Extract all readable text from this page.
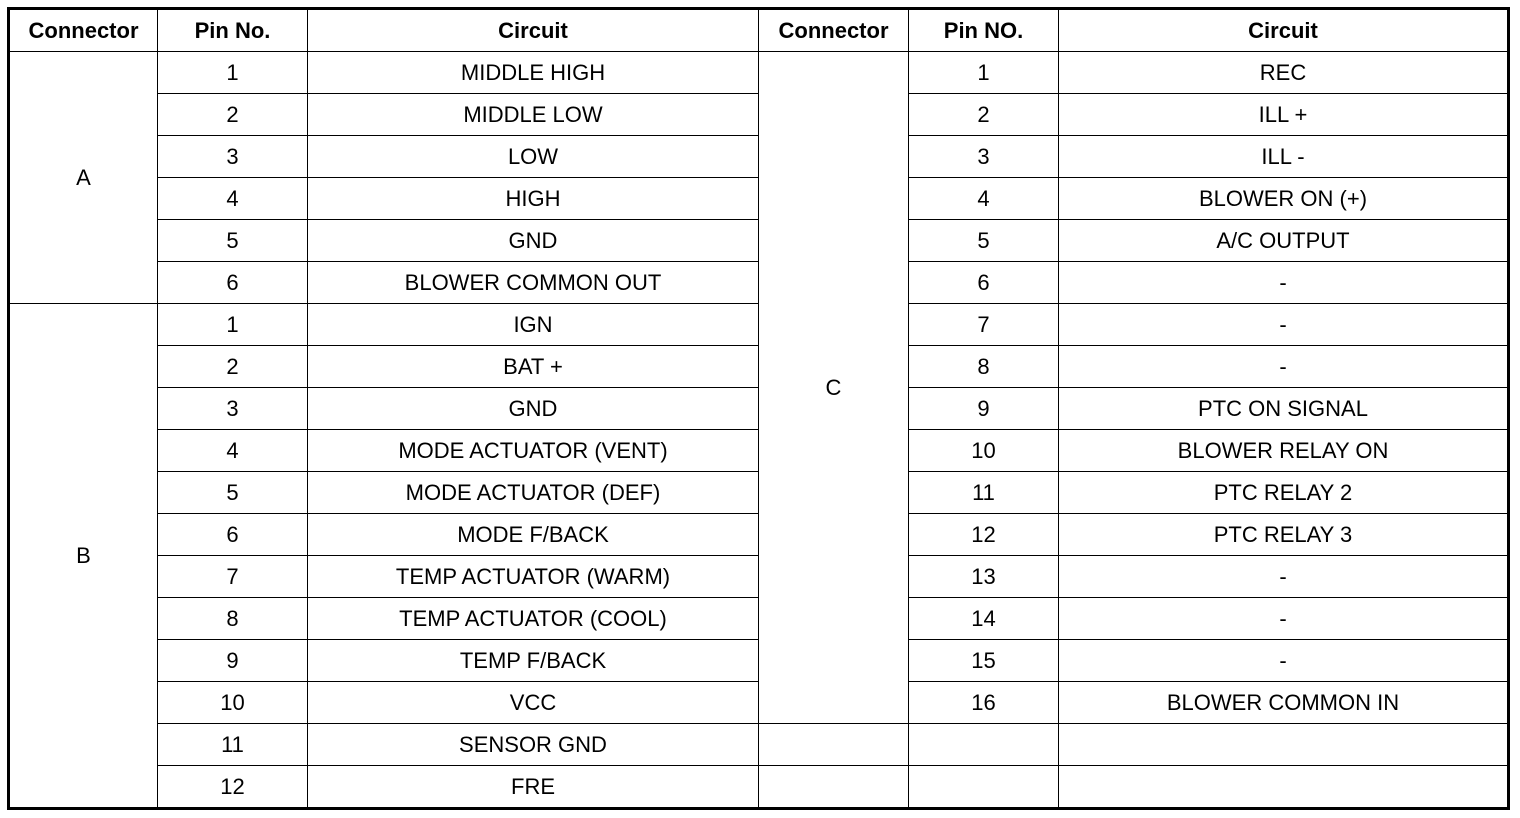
Connector	Pin No.	Circuit	Connector	Pin NO.	Circuit
A	1	MIDDLE HIGH	C	1	REC
	2	MIDDLE LOW		2	ILL +
	3	LOW		3	ILL -
	4	HIGH		4	BLOWER ON (+)
	5	GND		5	A/C OUTPUT
	6	BLOWER COMMON OUT		6	-
B	1	IGN		7	-
	2	BAT +		8	-
	3	GND		9	PTC ON SIGNAL
	4	MODE ACTUATOR (VENT)		10	BLOWER RELAY ON
	5	MODE ACTUATOR (DEF)		11	PTC RELAY 2
	6	MODE F/BACK		12	PTC RELAY 3
	7	TEMP ACTUATOR (WARM)		13	-
	8	TEMP ACTUATOR (COOL)		14	-
	9	TEMP F/BACK		15	-
	10	VCC		16	BLOWER COMMON IN
	11	SENSOR GND			
	12	FRE			
